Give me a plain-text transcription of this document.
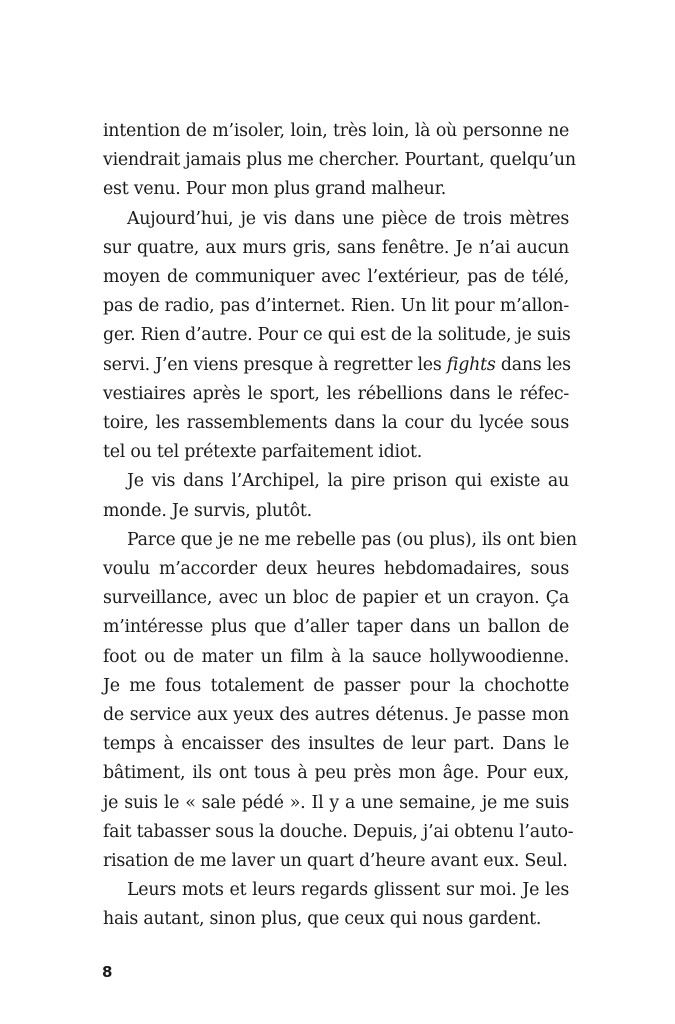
intention de m’isoler, loin, très loin, là où personne ne
viendrait jamais plus me chercher. Pourtant, quelqu’un
est venu. Pour mon plus grand malheur.

Aujourd’hui, je vis dans une pièce de trois mètres
sur quatre, aux murs gris, sans fenêtre. Je n’ai aucun
moyen de communiquer avec l’extérieur, pas de télé,
pas de radio, pas d’internet. Rien. Un lit pour m’allon-
ger. Rien d’autre. Pour ce qui est de la solitude, je suis
servi. J’en viens presque à regretter les fights dans les
vestiaires après le sport, les rébellions dans le réfec-
toire, les rassemblements dans la cour du lycée sous
tel ou tel prétexte parfaitement idiot.

Je vis dans l’Archipel, la pire prison qui existe au
monde. Je survis, plutôt.

Parce que je ne me rebelle pas (ou plus), ils ont bien
voulu m’accorder deux heures hebdomadaires, sous
surveillance, avec un bloc de papier et un crayon. Ça
m’intéresse plus que d’aller taper dans un ballon de
foot ou de mater un film à la sauce hollywoodienne.
Je me fous totalement de passer pour la chochotte
de service aux yeux des autres détenus. Je passe mon
temps à encaisser des insultes de leur part. Dans le
bâtiment, ils ont tous à peu près mon âge. Pour eux,
je suis le « sale pédé ». Il y a une semaine, je me suis
fait tabasser sous la douche. Depuis, j’ai obtenu l’auto-
risation de me laver un quart d’heure avant eux. Seul.

Leurs mots et leurs regards glissent sur moi. Je les
hais autant, sinon plus, que ceux qui nous gardent.

8
